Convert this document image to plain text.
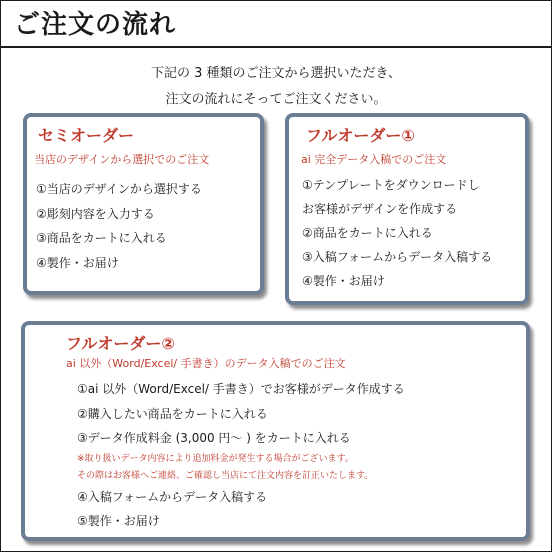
ご注文の流れ
下記の 3 種類のご注文から選択いただき、
注文の流れにそってご注文ください。
セミオーダー
当店のデザインから選択でのご注文
①当店のデザインから選択する
②彫刻内容を入力する
③商品をカートに入れる
④製作・お届け
フルオーダー①
ai 完全データ入稿でのご注文
①テンプレートをダウンロードし
お客様がデザインを作成する
②商品をカートに入れる
③入稿フォームからデータ入稿する
④製作・お届け
フルオーダー②
ai 以外（Word/Excel/ 手書き）のデータ入稿でのご注文
①ai 以外（Word/Excel/ 手書き）でお客様がデータ作成する
②購入したい商品をカートに入れる
③データ作成料金 (3,000 円～ ) をカートに入れる
※取り扱いデータ内容により追加料金が発生する場合がございます。
その際はお客様へご連絡、ご確認し当店にて注文内容を訂正いたします。
④入稿フォームからデータ入稿する
⑤製作・お届け
